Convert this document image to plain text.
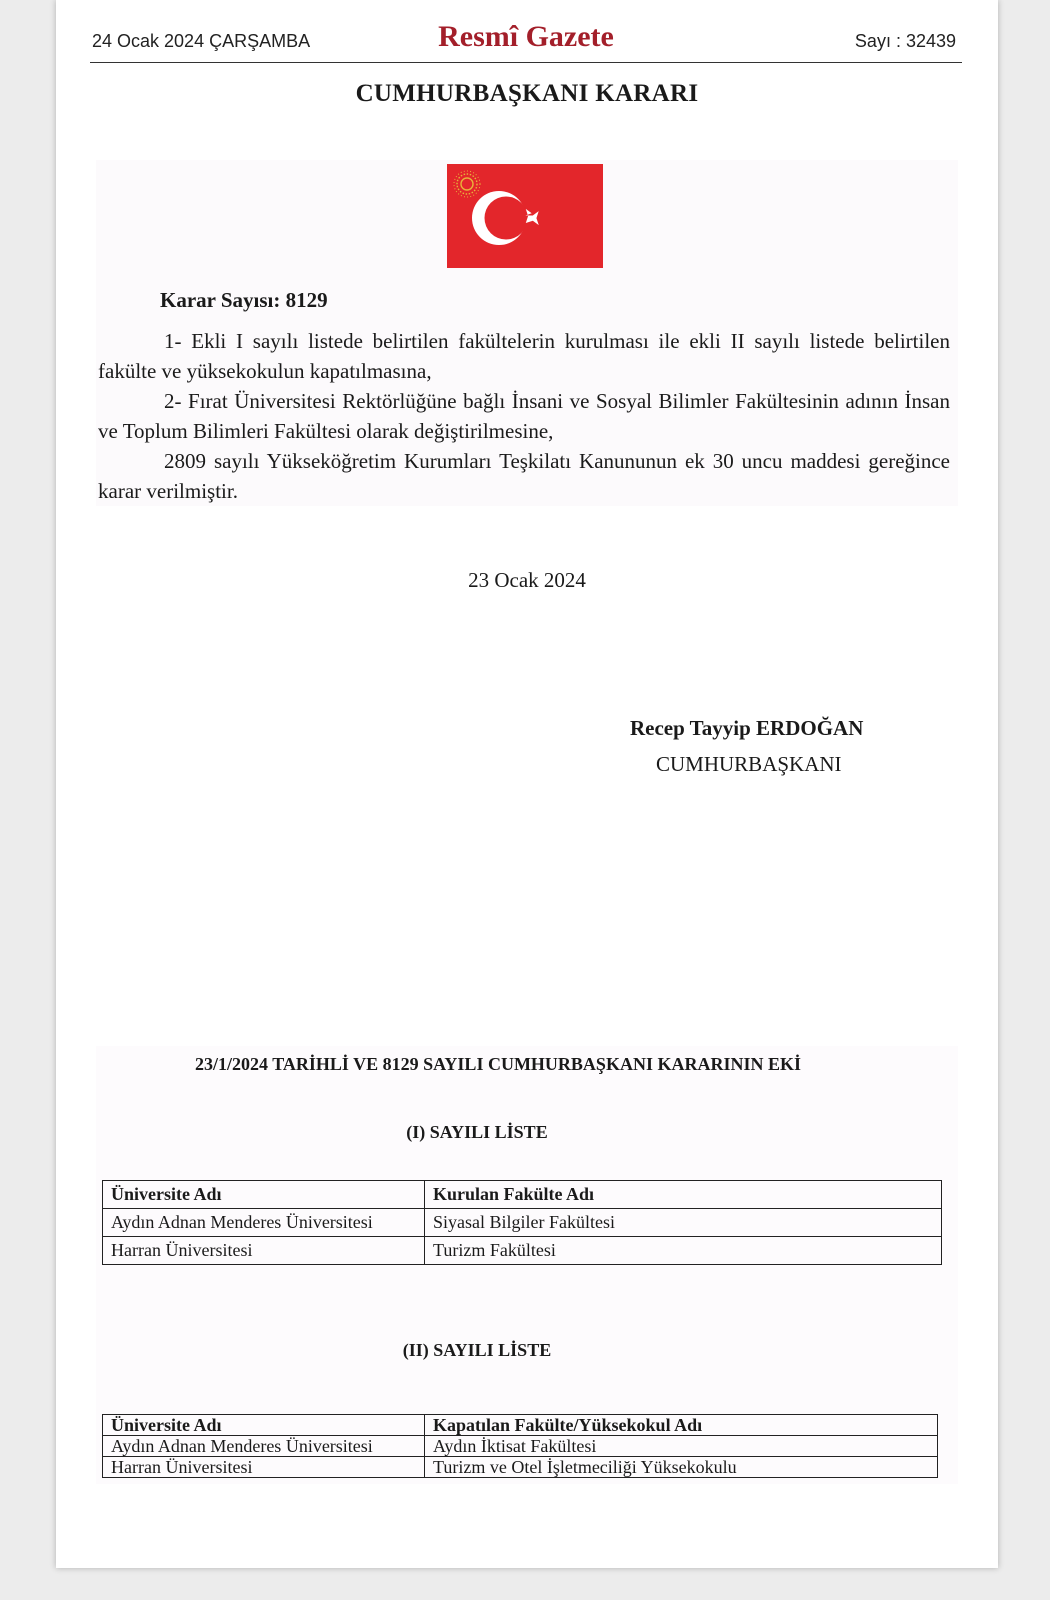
24 Ocak 2024 ÇARŞAMBA	Resmî Gazete	Sayı : 32439
CUMHURBAŞKANI KARARI
Karar Sayısı: 8129

1- Ekli I sayılı listede belirtilen fakültelerin kurulması ile ekli II sayılı listede belirtilen fakülte ve yüksekokulun kapatılmasına,

2- Fırat Üniversitesi Rektörlüğüne bağlı İnsani ve Sosyal Bilimler Fakültesinin adının İnsan ve Toplum Bilimleri Fakültesi olarak değiştirilmesine,

2809 sayılı Yükseköğretim Kurumları Teşkilatı Kanununun ek 30 uncu maddesi gereğince karar verilmiştir.

23 Ocak 2024
Recep Tayyip ERDOĞAN
CUMHURBAŞKANI
23/1/2024 TARİHLİ VE 8129 SAYILI CUMHURBAŞKANI KARARININ EKİ
(I) SAYILI LİSTE
Üniversite Adı	Kurulan Fakülte Adı
Aydın Adnan Menderes Üniversitesi	Siyasal Bilgiler Fakültesi
Harran Üniversitesi	Turizm Fakültesi
(II) SAYILI LİSTE
Üniversite Adı	Kapatılan Fakülte/Yüksekokul Adı
Aydın Adnan Menderes Üniversitesi	Aydın İktisat Fakültesi
Harran Üniversitesi	Turizm ve Otel İşletmeciliği Yüksekokulu
